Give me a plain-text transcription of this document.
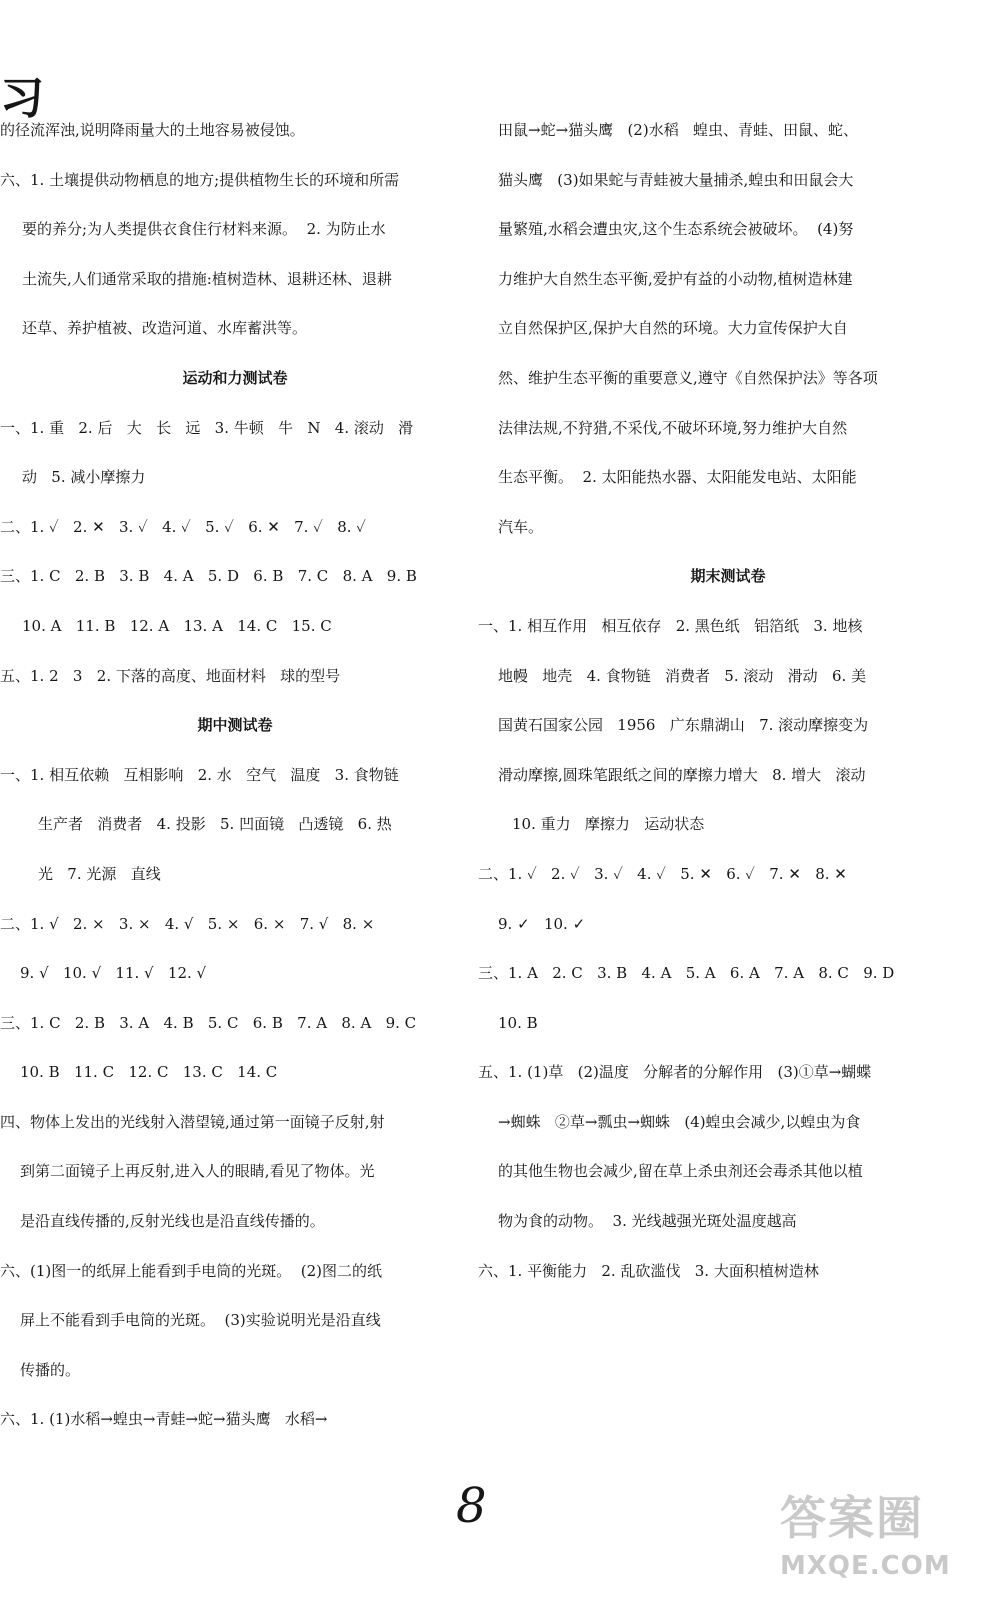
习
的径流浑浊,说明降雨量大的土地容易被侵蚀。
六、1. 土壤提供动物栖息的地方;提供植物生长的环境和所需
要的养分;为人类提供衣食住行材料来源。  2. 为防止水
土流失,人们通常采取的措施:植树造林、退耕还林、退耕
还草、养护植被、改造河道、水库蓄洪等。
运动和力测试卷
一、1. 重   2. 后   大   长   远   3. 牛顿   牛   N   4. 滚动   滑
动   5. 减小摩擦力
二、1. ✓   2. ✕   3. ✓   4. ✓   5. ✓   6. ✕   7. ✓   8. ✓
三、1. C   2. B   3. B   4. A   5. D   6. B   7. C   8. A   9. B
10. A   11. B   12. A   13. A   14. C   15. C
五、1. 2   3   2. 下落的高度、地面材料   球的型号
期中测试卷
一、1. 相互依赖   互相影响   2. 水   空气   温度   3. 食物链
生产者   消费者   4. 投影   5. 凹面镜   凸透镜   6. 热
光   7. 光源   直线
二、1. √   2. ×   3. ×   4. √   5. ×   6. ×   7. √   8. ×
9. √   10. √   11. √   12. √
三、1. C   2. B   3. A   4. B   5. C   6. B   7. A   8. A   9. C
10. B   11. C   12. C   13. C   14. C
四、物体上发出的光线射入潜望镜,通过第一面镜子反射,射
到第二面镜子上再反射,进入人的眼睛,看见了物体。光
是沿直线传播的,反射光线也是沿直线传播的。
六、(1)图一的纸屏上能看到手电筒的光斑。  (2)图二的纸
屏上不能看到手电筒的光斑。  (3)实验说明光是沿直线
传播的。
六、1. (1)水稻→蝗虫→青蛙→蛇→猫头鹰   水稻→
田鼠→蛇→猫头鹰   (2)水稻   蝗虫、青蛙、田鼠、蛇、
猫头鹰   (3)如果蛇与青蛙被大量捕杀,蝗虫和田鼠会大
量繁殖,水稻会遭虫灾,这个生态系统会被破坏。  (4)努
力维护大自然生态平衡,爱护有益的小动物,植树造林建
立自然保护区,保护大自然的环境。大力宣传保护大自
然、维护生态平衡的重要意义,遵守《自然保护法》等各项
法律法规,不狩猎,不采伐,不破坏环境,努力维护大自然
生态平衡。  2. 太阳能热水器、太阳能发电站、太阳能
汽车。
期末测试卷
一、1. 相互作用   相互依存   2. 黑色纸   铝箔纸   3. 地核
地幔   地壳   4. 食物链   消费者   5. 滚动   滑动   6. 美
国黄石国家公园   1956   广东鼎湖山   7. 滚动摩擦变为
滑动摩擦,圆珠笔跟纸之间的摩擦力增大   8. 增大   滚动
10. 重力   摩擦力   运动状态
二、1. ✓   2. ✓   3. ✓   4. ✓   5. ✕   6. ✓   7. ✕   8. ✕
9. ✓   10. ✓
三、1. A   2. C   3. B   4. A   5. A   6. A   7. A   8. C   9. D
10. B
五、1. (1)草   (2)温度   分解者的分解作用   (3)①草→蝴蝶
→蜘蛛   ②草→瓢虫→蜘蛛   (4)蝗虫会减少,以蝗虫为食
的其他生物也会减少,留在草上杀虫剂还会毒杀其他以植
物为食的动物。  3. 光线越强光斑处温度越高
六、1. 平衡能力   2. 乱砍滥伐   3. 大面积植树造林
8	答案圈
MXQE.COM
